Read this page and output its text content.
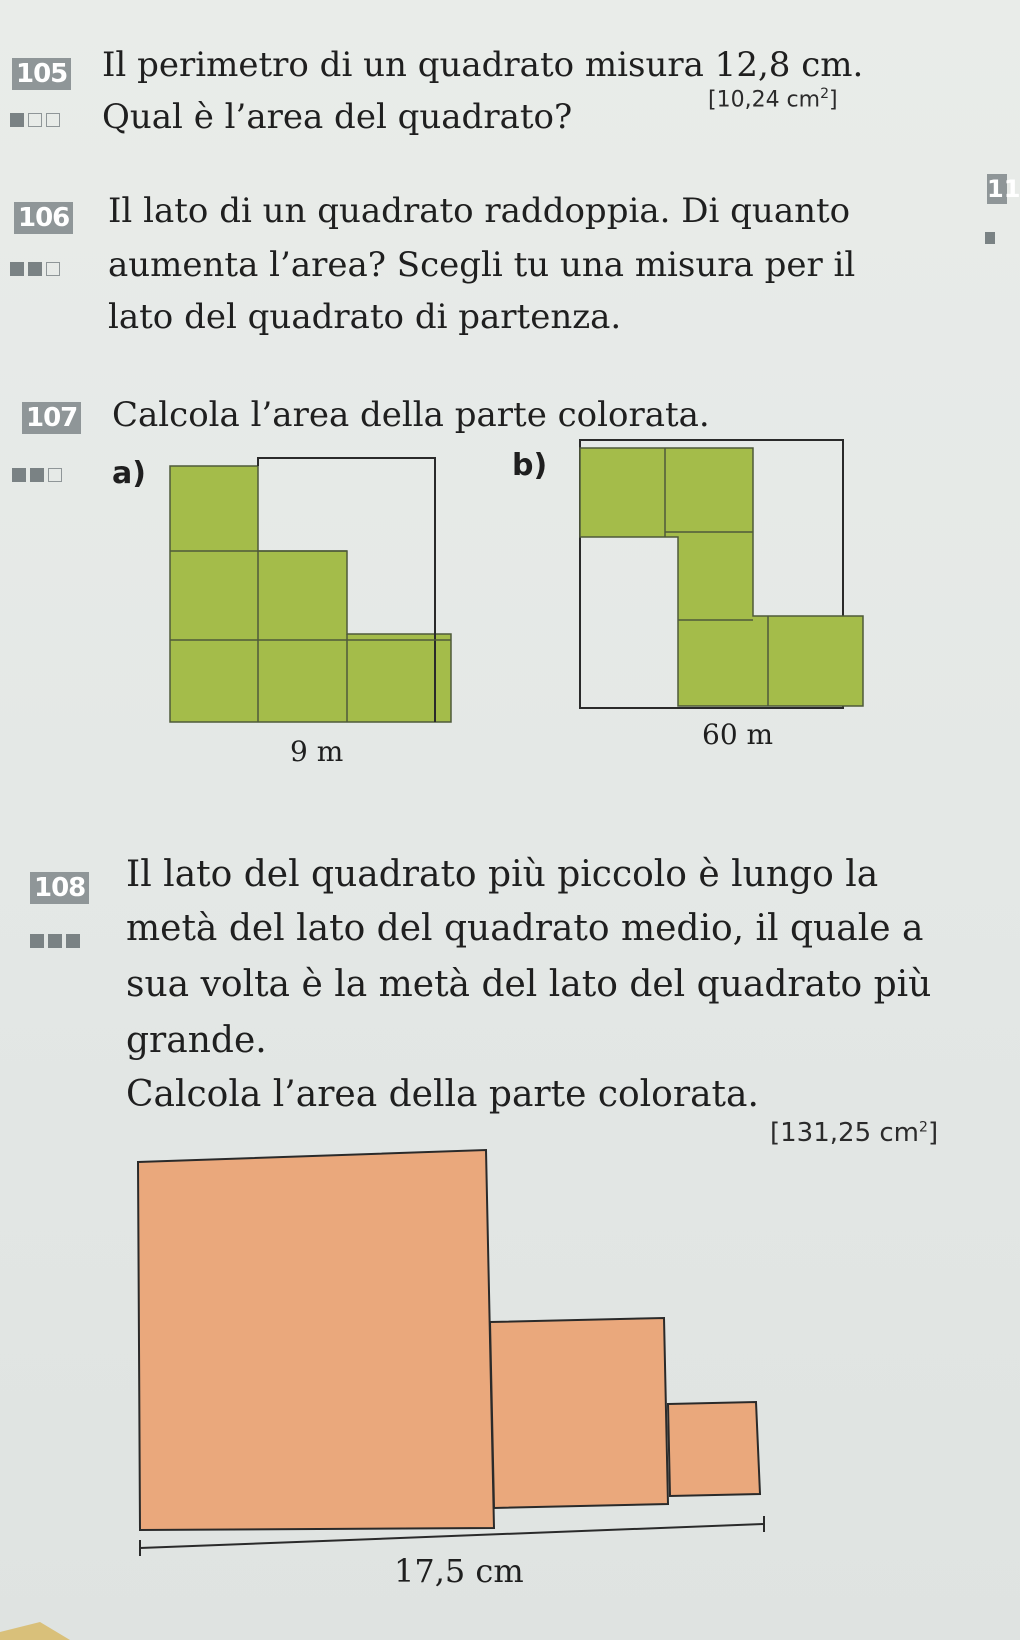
105 Il perimetro di un quadrato misura 12,8 cm.
Qual è l’area del quadrato?	[10,24 $cm^2$]
106 Il lato di un quadrato raddoppia. Di quanto
aumenta l’area? Scegli tu una misura per il
lato del quadrato di partenza.
11
107 Calcola l’area della parte colorata.
a)
9 m
b)
60 m
108 Il lato del quadrato più piccolo è lungo la
metà del lato del quadrato medio, il quale a
sua volta è la metà del lato del quadrato più
grande.
Calcola l’area della parte colorata.
[131,25 $cm^2$]
17,5 cm
